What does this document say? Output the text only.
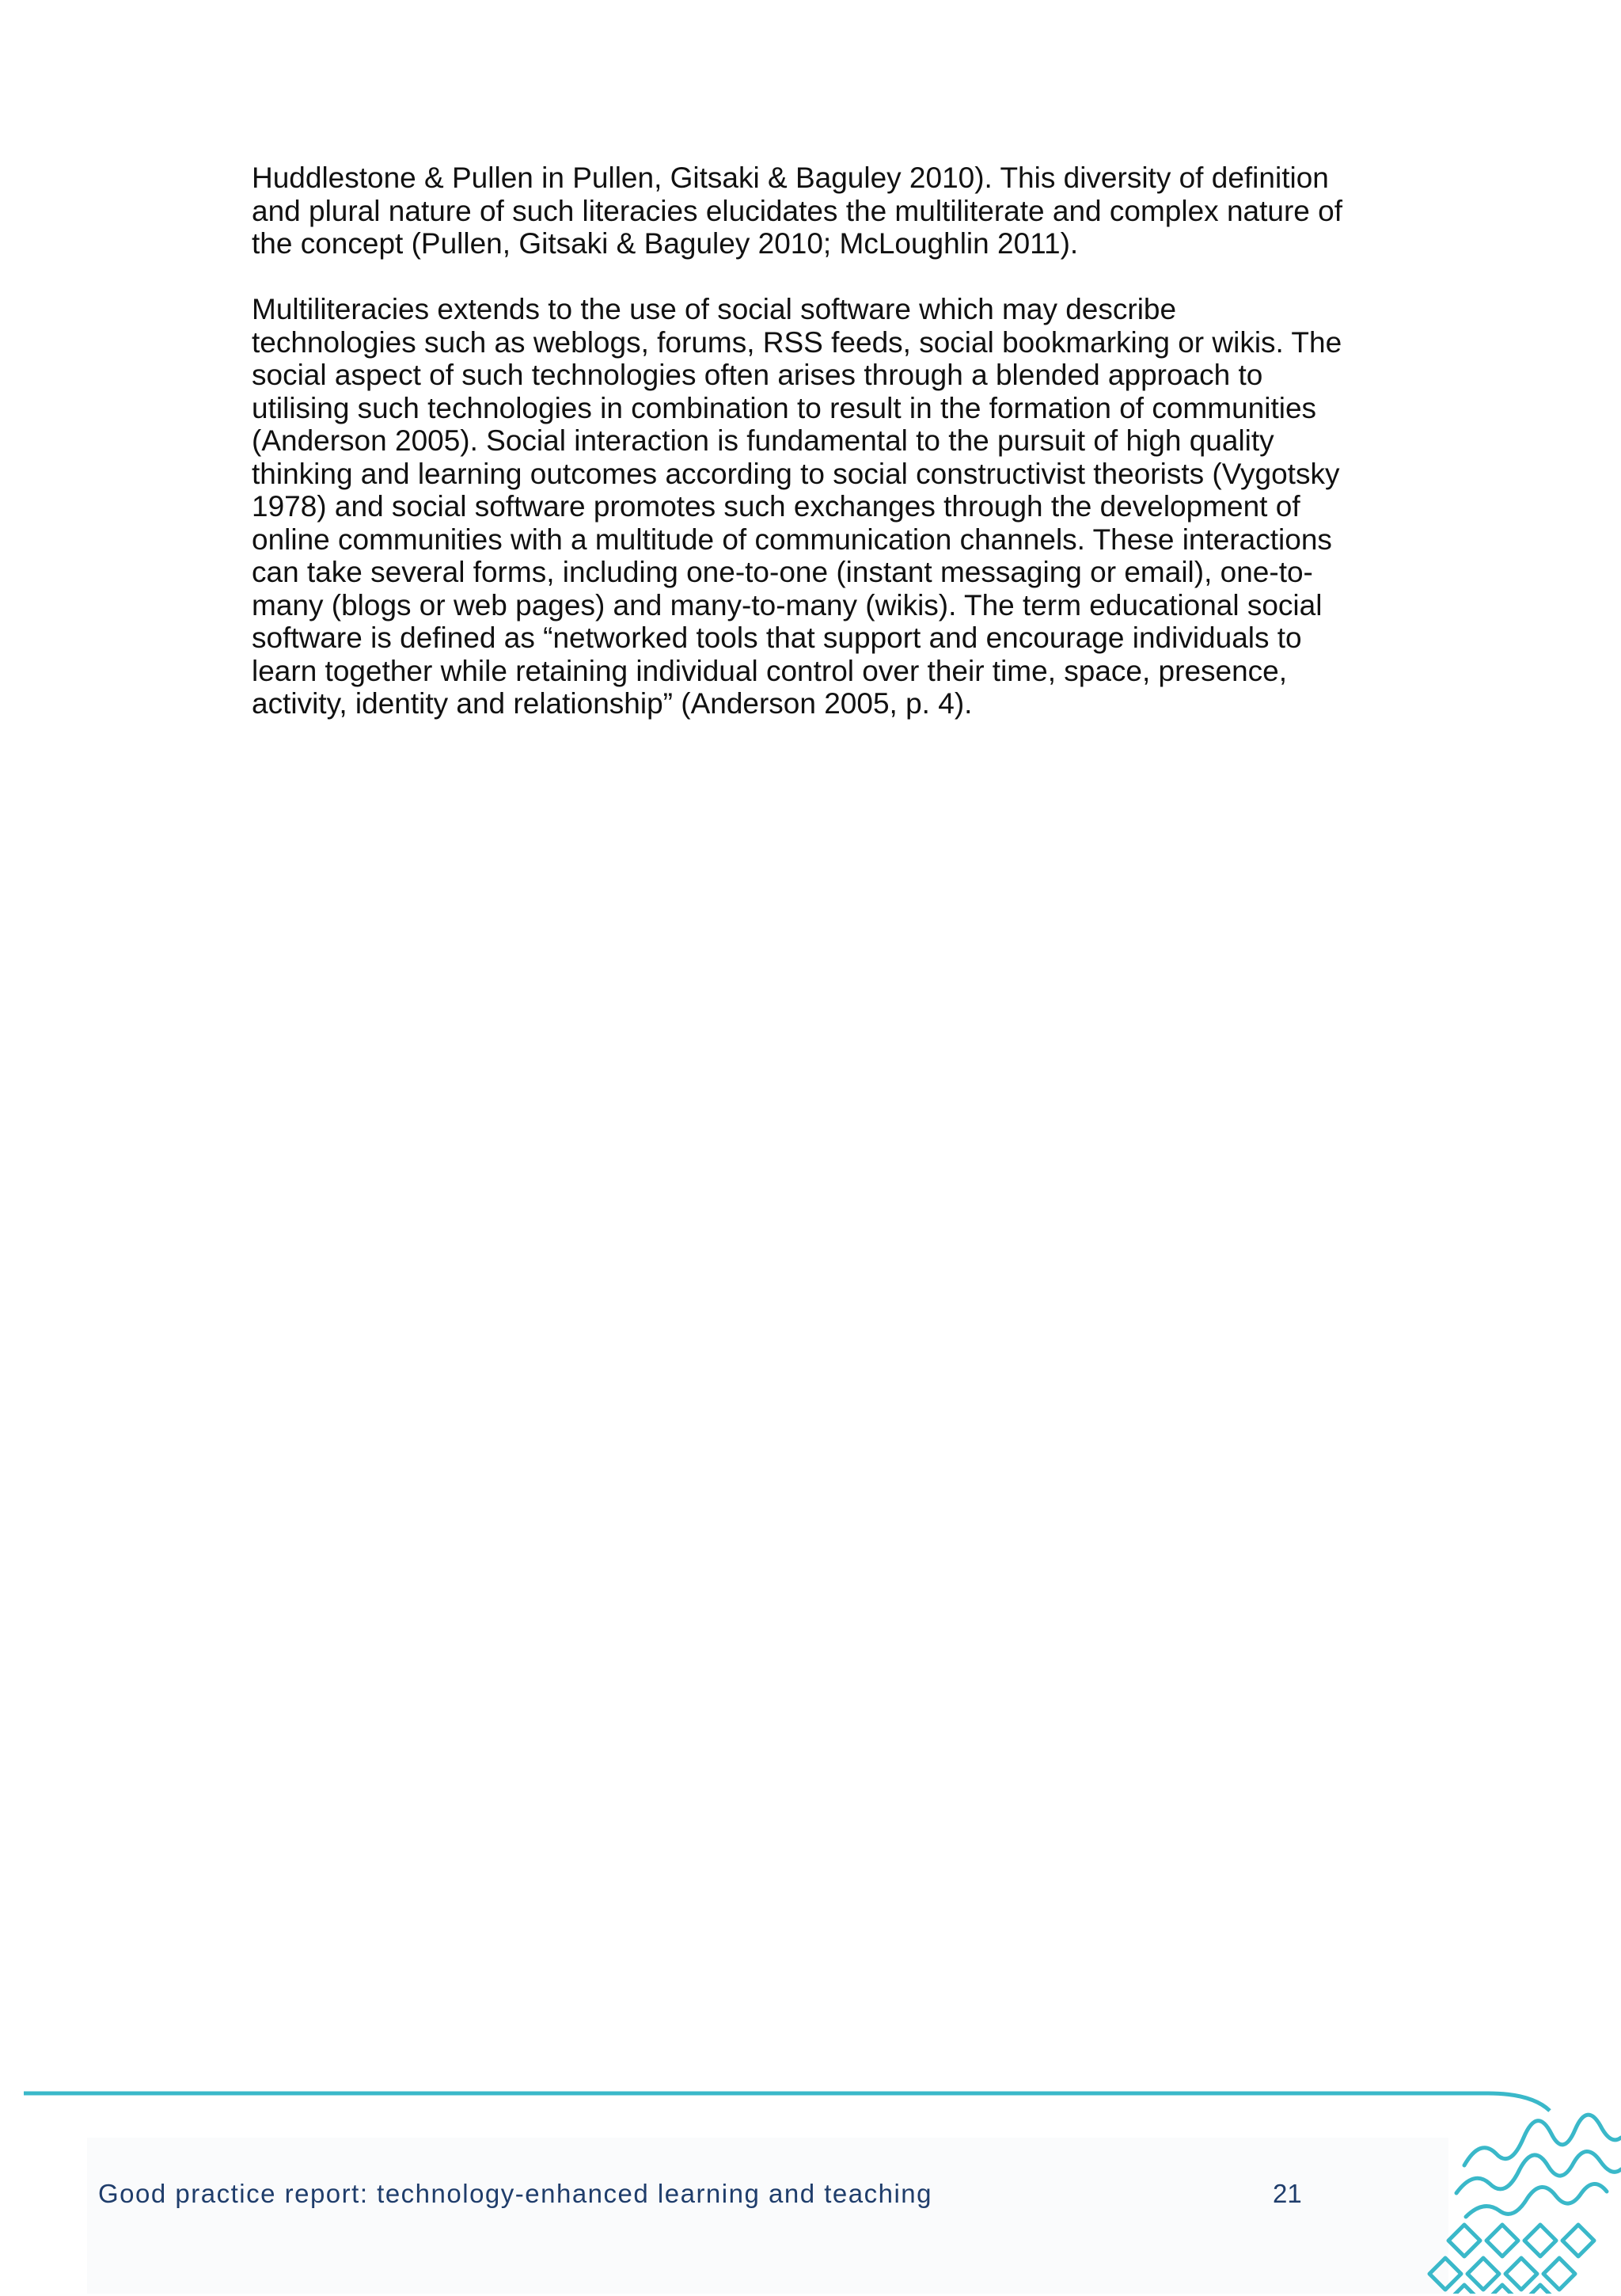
Huddlestone & Pullen in Pullen, Gitsaki & Baguley 2010). This diversity of definition
and plural nature of such literacies elucidates the multiliterate and complex nature of
the concept (Pullen, Gitsaki & Baguley 2010; McLoughlin 2011).

Multiliteracies extends to the use of social software which may describe
technologies such as weblogs, forums, RSS feeds, social bookmarking or wikis. The
social aspect of such technologies often arises through a blended approach to
utilising such technologies in combination to result in the formation of communities
(Anderson 2005). Social interaction is fundamental to the pursuit of high quality
thinking and learning outcomes according to social constructivist theorists (Vygotsky
1978) and social software promotes such exchanges through the development of
online communities with a multitude of communication channels. These interactions
can take several forms, including one-to-one (instant messaging or email), one-to-
many (blogs or web pages) and many-to-many (wikis). The term educational social
software is defined as “networked tools that support and encourage individuals to
learn together while retaining individual control over their time, space, presence,
activity, identity and relationship” (Anderson 2005, p. 4).

Good practice report: technology-enhanced learning and teaching	21
